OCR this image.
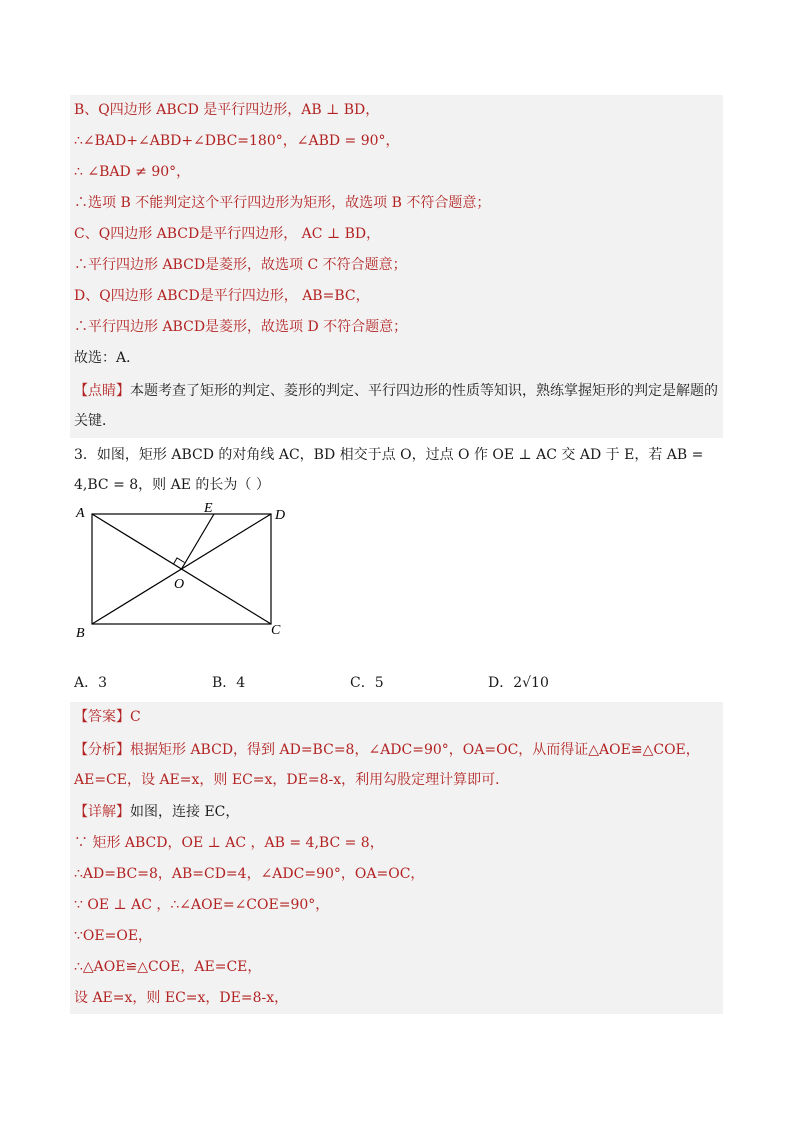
B、Q四边形 ABCD 是平行四边形，AB ⊥ BD，
∴∠BAD+∠ABD+∠DBC=180°，∠ABD = 90°，
∴ ∠BAD ≠ 90°，
∴选项 B 不能判定这个平行四边形为矩形，故选项 B 不符合题意；
C、Q四边形 ABCD是平行四边形， AC ⊥ BD，
∴平行四边形 ABCD是菱形，故选项 C 不符合题意；
D、Q四边形 ABCD是平行四边形， AB=BC，
∴平行四边形 ABCD是菱形，故选项 D 不符合题意；
故选：A．
【点睛】本题考查了矩形的判定、菱形的判定、平行四边形的性质等知识，熟练掌握矩形的判定是解题的关键．
3．如图，矩形 ABCD 的对角线 AC，BD 相交于点 O，过点 O 作 OE ⊥ AC 交 AD 于 E，若 AB = 4,BC = 8，则 AE 的长为（ ）
A
B	C
D
E
O
A．3	B．4	C．5	D．2√10
【答案】C
【分析】根据矩形 ABCD，得到 AD=BC=8，∠ADC=90°，OA=OC，从而得证△AOE≌△COE，AE=CE，设 AE=x，则 EC=x，DE=8-x，利用勾股定理计算即可．
【详解】如图，连接 EC，
∵ 矩形 ABCD，OE ⊥ AC ，AB = 4,BC = 8，
∴AD=BC=8，AB=CD=4，∠ADC=90°，OA=OC，
∵ OE ⊥ AC ，∴∠AOE=∠COE=90°，
∵OE=OE，
∴△AOE≌△COE，AE=CE，
设 AE=x，则 EC=x，DE=8-x，
